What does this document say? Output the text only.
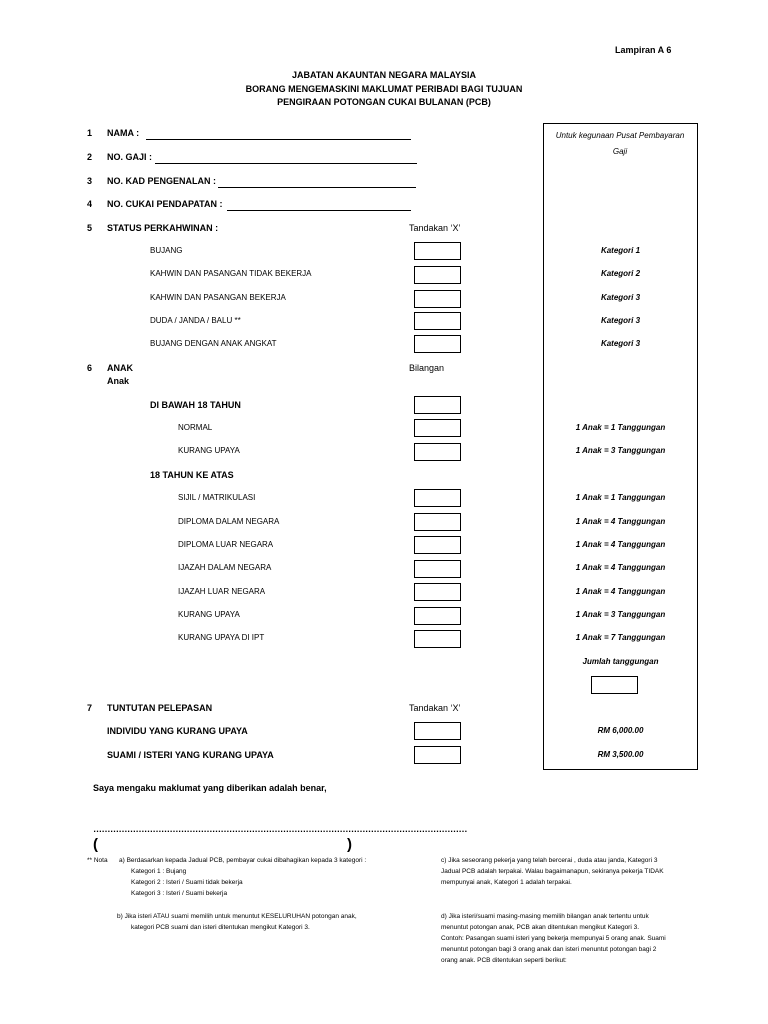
Lampiran A 6
JABATAN AKAUNTAN NEGARA MALAYSIA
BORANG MENGEMASKINI MAKLUMAT PERIBADI BAGI TUJUAN
PENGIRAAN POTONGAN CUKAI BULANAN (PCB)
Untuk kegunaan Pusat Pembayaran Gaji
1 NAMA :
2 NO. GAJI :
3 NO. KAD PENGENALAN :
4 NO. CUKAI PENDAPATAN :
5 STATUS PERKAHWINAN :	Tandakan ‘X’
BUJANG	Kategori 1
KAHWIN DAN PASANGAN TIDAK BEKERJA	Kategori 2
KAHWIN DAN PASANGAN BEKERJA	Kategori 3
DUDA / JANDA / BALU **	Kategori 3
BUJANG DENGAN ANAK ANGKAT	Kategori 3
6 ANAK
Anak
Bilangan
DI BAWAH 18 TAHUN
NORMAL	1 Anak = 1 Tanggungan
KURANG UPAYA	1 Anak = 3 Tanggungan
18 TAHUN KE ATAS
SIJIL / MATRIKULASI	1 Anak = 1 Tanggungan
DIPLOMA DALAM NEGARA	1 Anak = 4 Tanggungan
DIPLOMA LUAR NEGARA	1 Anak = 4 Tanggungan
IJAZAH DALAM NEGARA	1 Anak = 4 Tanggungan
IJAZAH LUAR NEGARA	1 Anak = 4 Tanggungan
KURANG UPAYA	1 Anak = 3 Tanggungan
KURANG UPAYA DI IPT	1 Anak = 7 Tanggungan
Jumlah tanggungan
7 TUNTUTAN PELEPASAN	Tandakan ‘X’
INDIVIDU YANG KURANG UPAYA	RM 6,000.00
SUAMI / ISTERI YANG KURANG UPAYA	RM 3,500.00
Saya mengaku maklumat yang diberikan adalah benar,
……………………………………………………………………………………………………………………
(	)
** Nota a) Berdasarkan kepada Jadual PCB, pembayar cukai dibahagikan kepada 3 kategori :
Kategori 1 : Bujang
Kategori 2 : Isteri / Suami tidak bekerja
Kategori 3 : Isteri / Suami bekerja
b) Jika isteri ATAU suami memilih untuk menuntut KESELURUHAN potongan anak,
kategori PCB suami dan isteri ditentukan mengikut Kategori 3.
c) Jika seseorang pekerja yang telah bercerai , duda atau janda, Kategori 3
Jadual PCB adalah terpakai. Walau bagaimanapun, sekiranya pekerja TIDAK
mempunyai anak, Kategori 1 adalah terpakai.
d) Jika isteri/suami masing-masing memilih bilangan anak tertentu untuk
menuntut potongan anak, PCB akan ditentukan mengikut Kategori 3.
Contoh: Pasangan suami isteri yang bekerja mempunyai 5 orang anak. Suami
menuntut potongan bagi 3 orang anak dan isteri menuntut potongan bagi 2
orang anak. PCB ditentukan seperti berikut:
